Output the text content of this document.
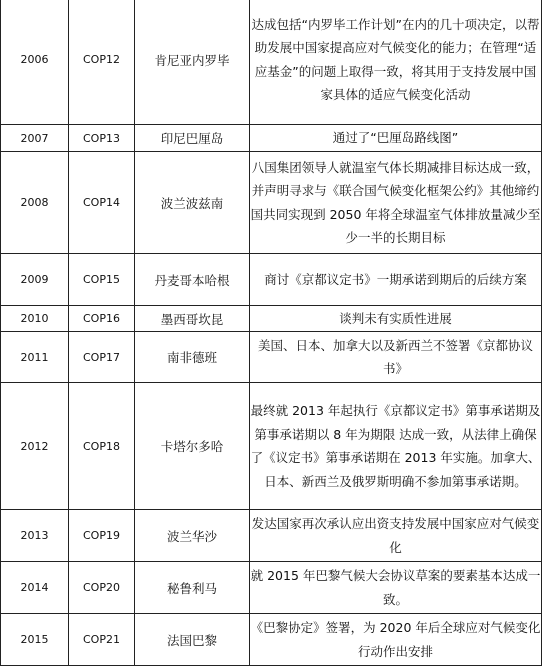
2006	COP12	肯尼亚内罗毕	达成包括“内罗毕工作计划”在内的几十项决定，以帮助发展中国家提高应对气候变化的能力；在管理“适应基金”的问题上取得一致，将其用于支持发展中国家具体的适应气候变化活动
2007	COP13	印尼巴厘岛	通过了“巴厘岛路线图”
2008	COP14	波兰波兹南	八国集团领导人就温室气体长期减排目标达成一致，并声明寻求与《联合国气候变化框架公约》其他缔约国共同实现到 2050 年将全球温室气体排放量减少至少一半的长期目标
2009	COP15	丹麦哥本哈根	商讨《京都议定书》一期承诺到期后的后续方案
2010	COP16	墨西哥坎昆	谈判未有实质性进展
2011	COP17	南非德班	美国、日本、加拿大以及新西兰不签署《京都协议书》
2012	COP18	卡塔尔多哈	最终就 2013 年起执行《京都议定书》第事承诺期及第事承诺期以 8 年为期限 达成一致，从法律上确保了《议定书》第事承诺期在 2013 年实施。加拿大、 日本、新西兰及俄罗斯明确不参加第事承诺期。
2013	COP19	波兰华沙	发达国家再次承认应出资支持发展中国家应对气候变化
2014	COP20	秘鲁利马	就 2015 年巴黎气候大会协议草案的要素基本达成一致。
2015	COP21	法国巴黎	《巴黎协定》签署，为 2020 年后全球应对气候变化行动作出安排
